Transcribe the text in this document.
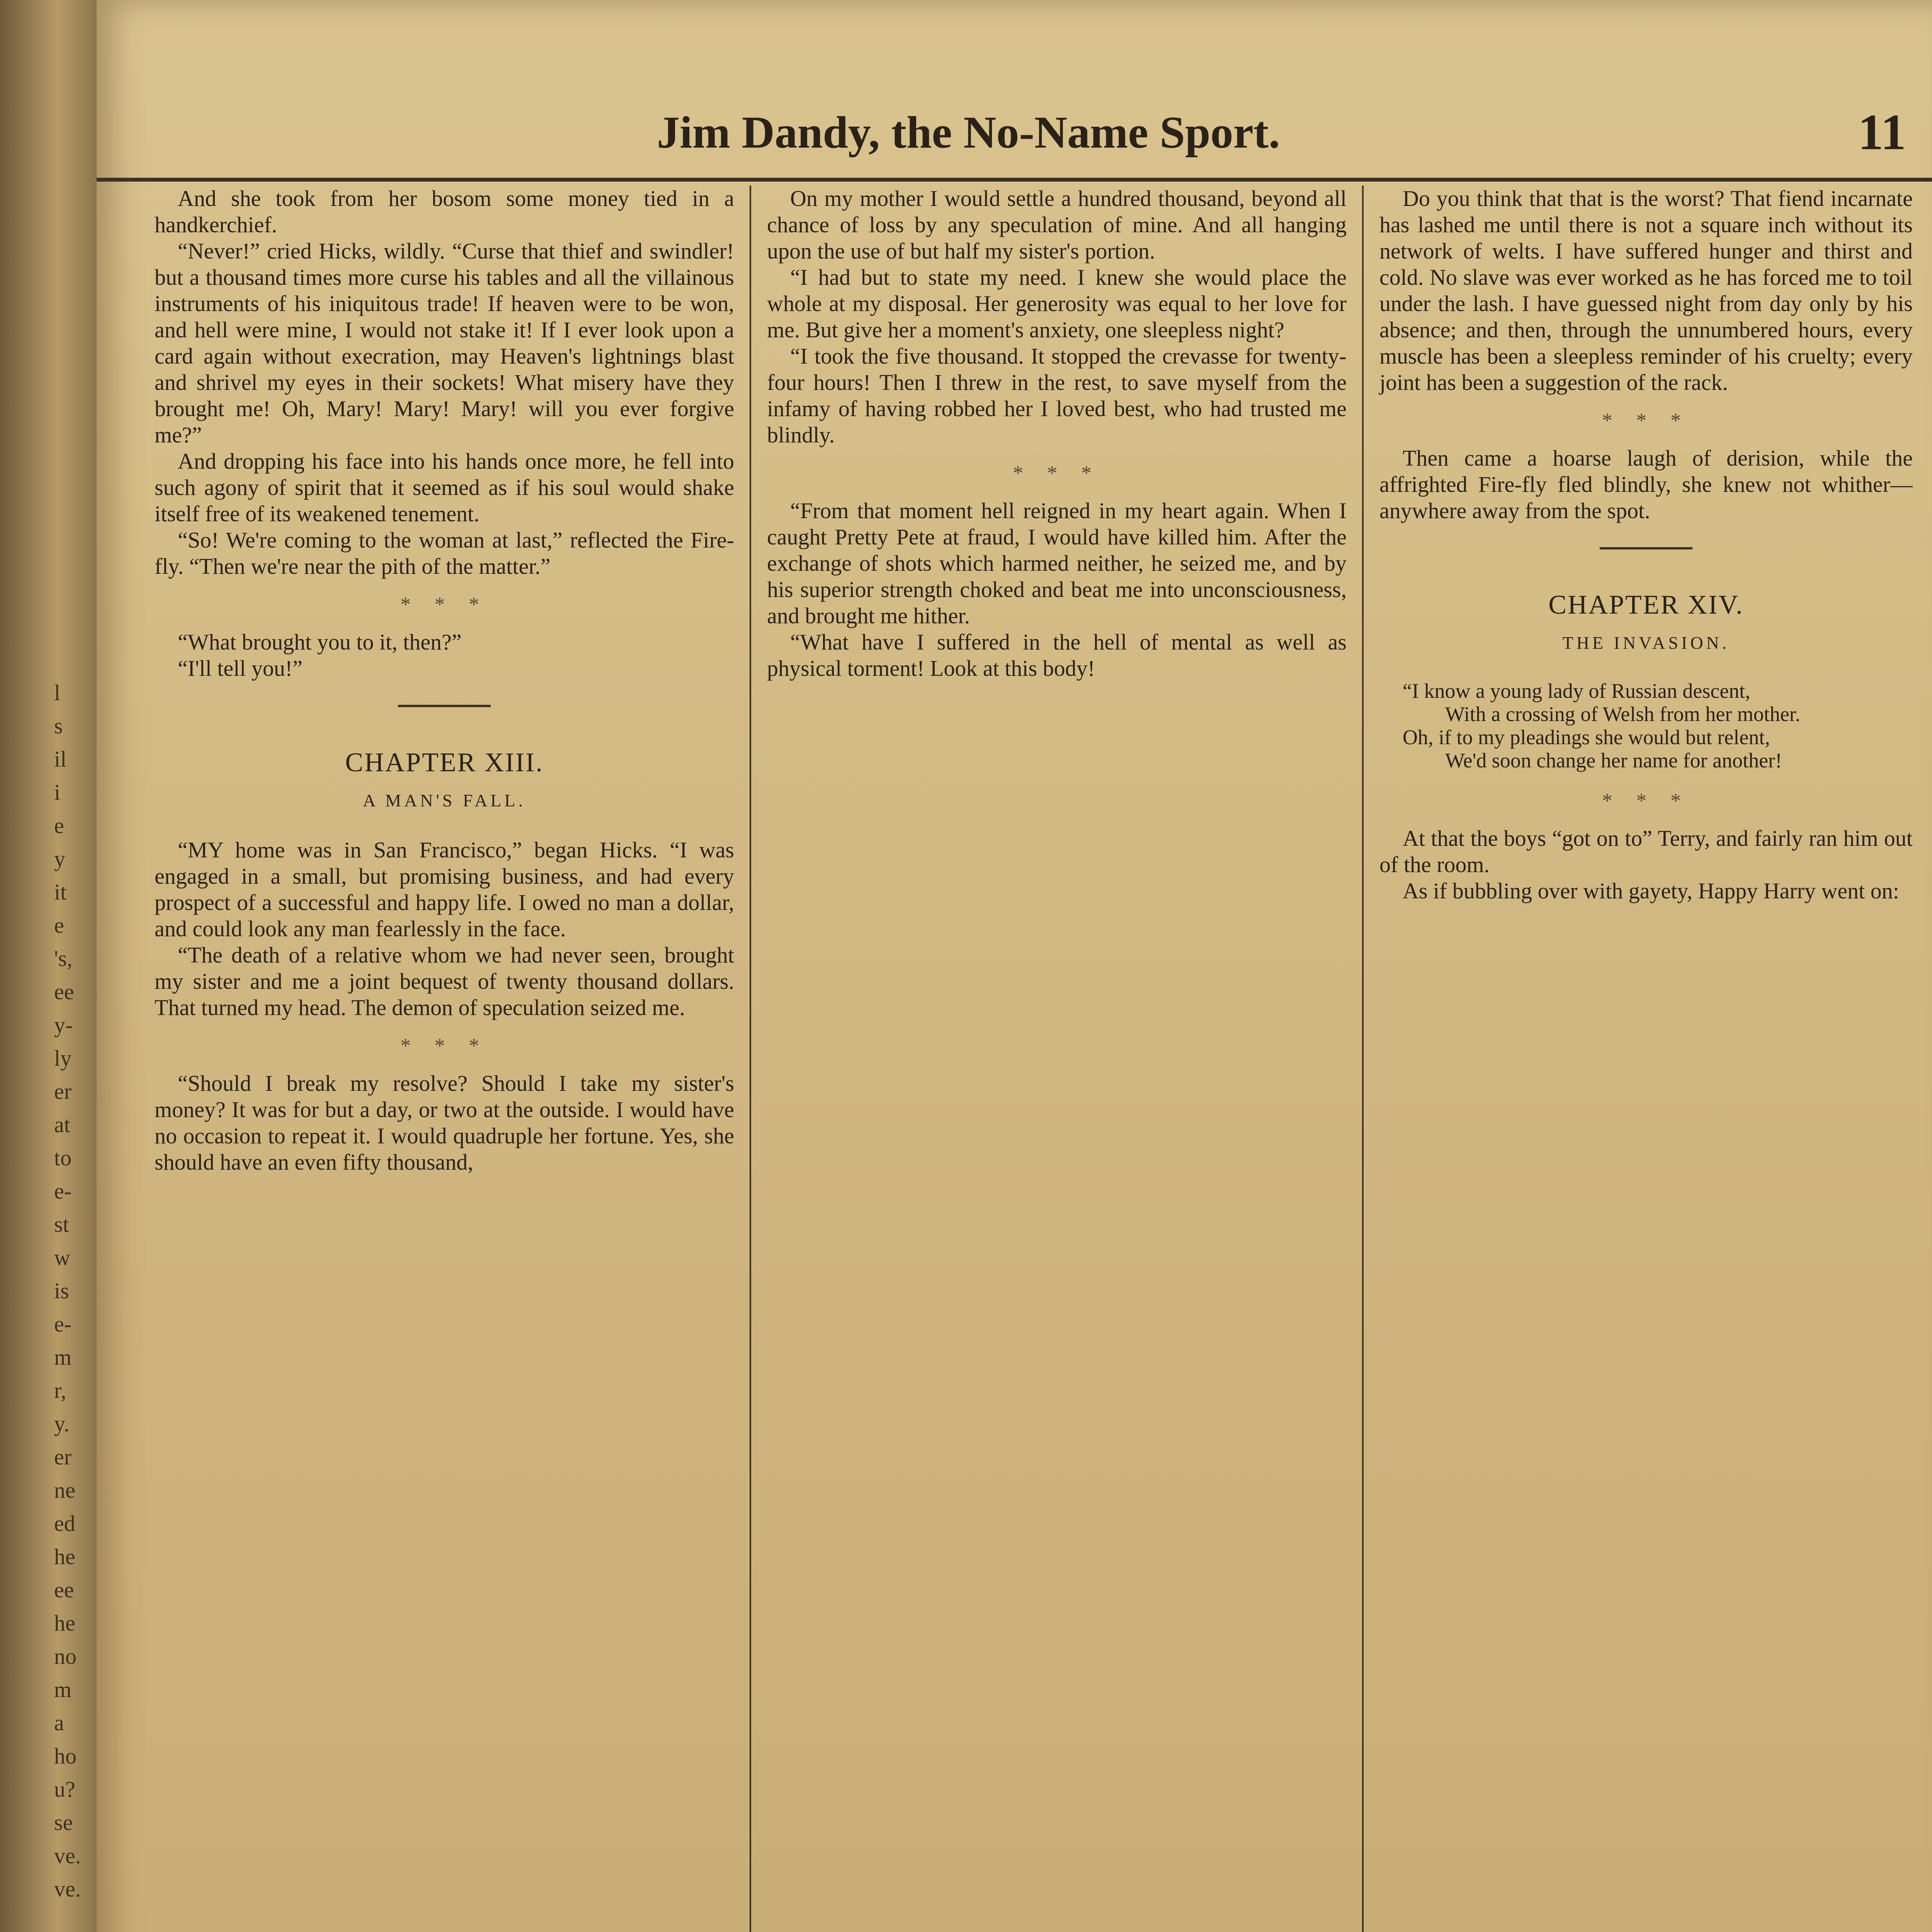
l
s
il
i
e
y
it
e
's,
ee
y-
ly
er
at
to
e-
st
w
is
e-
m
r,
y.
er
ne
ed
he
ee
he
no
m
a
ho
u?
se
ve.
ve.
Jim Dandy, the No-Name Sport.	11

And she took from her bosom some money tied in a handkerchief.

“Never!” cried Hicks, wildly. “Curse that thief and swindler! but a thousand times more curse his tables and all the villainous instruments of his iniquitous trade! If heaven were to be won, and hell were mine, I would not stake it! If I ever look upon a card again without execration, may Heaven's lightnings blast and shrivel my eyes in their sockets! What misery have they brought me! Oh, Mary! Mary! Mary! will you ever forgive me?”

And dropping his face into his hands once more, he fell into such agony of spirit that it seemed as if his soul would shake itself free of its weakened tenement.

“So! We're coming to the woman at last,” reflected the Fire-fly. “Then we're near the pith of the matter.”

* * *

“What brought you to it, then?”

“I'll tell you!”

CHAPTER XIII.
A MAN'S FALL.

“MY home was in San Francisco,” began Hicks. “I was engaged in a small, but promising business, and had every prospect of a successful and happy life. I owed no man a dollar, and could look any man fearlessly in the face.

“The death of a relative whom we had never seen, brought my sister and me a joint bequest of twenty thousand dollars. That turned my head. The demon of speculation seized me.

* * *

“Should I break my resolve? Should I take my sister's money? It was for but a day, or two at the outside. I would have no occasion to repeat it. I would quadruple her fortune. Yes, she should have an even fifty thousand,

On my mother I would settle a hundred thousand, beyond all chance of loss by any speculation of mine. And all hanging upon the use of but half my sister's portion.

“I had but to state my need. I knew she would place the whole at my disposal. Her generosity was equal to her love for me. But give her a moment's anxiety, one sleepless night?

“I took the five thousand. It stopped the crevasse for twenty-four hours! Then I threw in the rest, to save myself from the infamy of having robbed her I loved best, who had trusted me blindly.

* * *

“From that moment hell reigned in my heart again. When I caught Pretty Pete at fraud, I would have killed him. After the exchange of shots which harmed neither, he seized me, and by his superior strength choked and beat me into unconsciousness, and brought me hither.

“What have I suffered in the hell of mental as well as physical torment! Look at this body!

Do you think that that is the worst? That fiend incarnate has lashed me until there is not a square inch without its network of welts. I have suffered hunger and thirst and cold. No slave was ever worked as he has forced me to toil under the lash. I have guessed night from day only by his absence; and then, through the unnumbered hours, every muscle has been a sleepless reminder of his cruelty; every joint has been a suggestion of the rack.

* * *

Then came a hoarse laugh of derision, while the affrighted Fire-fly fled blindly, she knew not whither—anywhere away from the spot.

CHAPTER XIV.
THE INVASION.
“I know a young lady of Russian descent,
With a crossing of Welsh from her mother.
Oh, if to my pleadings she would but relent,
We'd soon change her name for another!
* * *

At that the boys “got on to” Terry, and fairly ran him out of the room.

As if bubbling over with gayety, Happy Harry went on:
